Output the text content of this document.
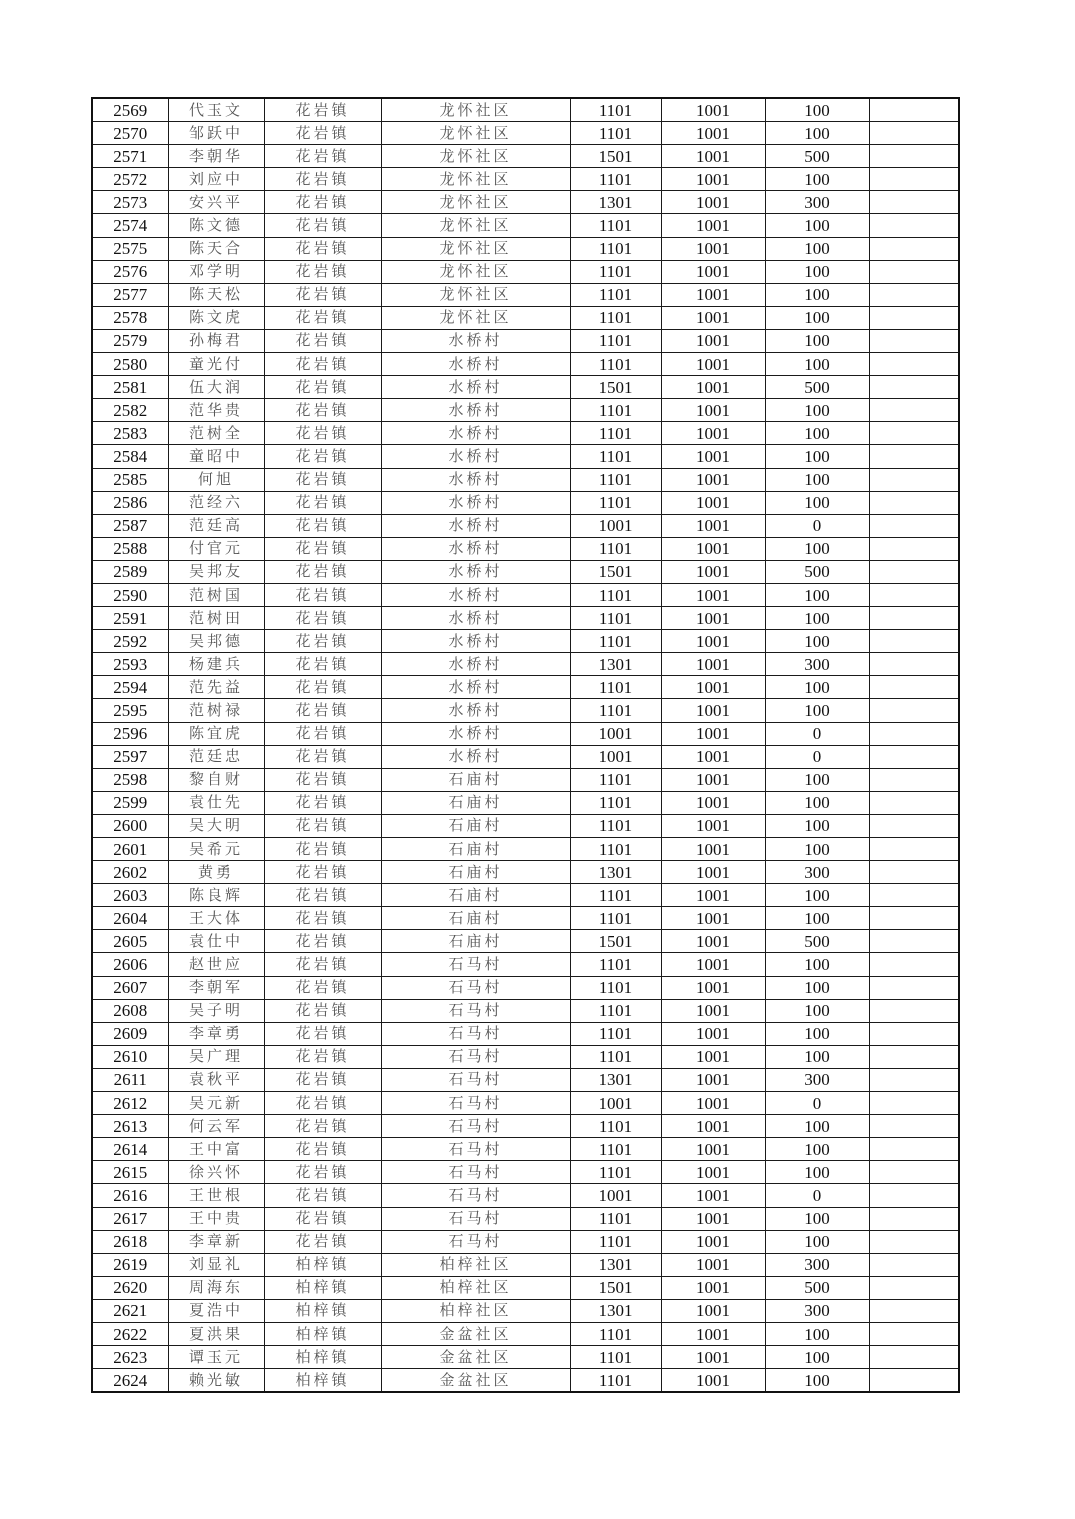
2569	代玉文	花岩镇	龙怀社区	1101	1001	100	
2570	邹跃中	花岩镇	龙怀社区	1101	1001	100	
2571	李朝华	花岩镇	龙怀社区	1501	1001	500	
2572	刘应中	花岩镇	龙怀社区	1101	1001	100	
2573	安兴平	花岩镇	龙怀社区	1301	1001	300	
2574	陈文德	花岩镇	龙怀社区	1101	1001	100	
2575	陈天合	花岩镇	龙怀社区	1101	1001	100	
2576	邓学明	花岩镇	龙怀社区	1101	1001	100	
2577	陈天松	花岩镇	龙怀社区	1101	1001	100	
2578	陈文虎	花岩镇	龙怀社区	1101	1001	100	
2579	孙梅君	花岩镇	水桥村	1101	1001	100	
2580	童光付	花岩镇	水桥村	1101	1001	100	
2581	伍大润	花岩镇	水桥村	1501	1001	500	
2582	范华贵	花岩镇	水桥村	1101	1001	100	
2583	范树全	花岩镇	水桥村	1101	1001	100	
2584	童昭中	花岩镇	水桥村	1101	1001	100	
2585	何旭	花岩镇	水桥村	1101	1001	100	
2586	范经六	花岩镇	水桥村	1101	1001	100	
2587	范廷高	花岩镇	水桥村	1001	1001	0	
2588	付官元	花岩镇	水桥村	1101	1001	100	
2589	吴邦友	花岩镇	水桥村	1501	1001	500	
2590	范树国	花岩镇	水桥村	1101	1001	100	
2591	范树田	花岩镇	水桥村	1101	1001	100	
2592	吴邦德	花岩镇	水桥村	1101	1001	100	
2593	杨建兵	花岩镇	水桥村	1301	1001	300	
2594	范先益	花岩镇	水桥村	1101	1001	100	
2595	范树禄	花岩镇	水桥村	1101	1001	100	
2596	陈宜虎	花岩镇	水桥村	1001	1001	0	
2597	范廷忠	花岩镇	水桥村	1001	1001	0	
2598	黎自财	花岩镇	石庙村	1101	1001	100	
2599	袁仕先	花岩镇	石庙村	1101	1001	100	
2600	吴大明	花岩镇	石庙村	1101	1001	100	
2601	吴希元	花岩镇	石庙村	1101	1001	100	
2602	黄勇	花岩镇	石庙村	1301	1001	300	
2603	陈良辉	花岩镇	石庙村	1101	1001	100	
2604	王大体	花岩镇	石庙村	1101	1001	100	
2605	袁仕中	花岩镇	石庙村	1501	1001	500	
2606	赵世应	花岩镇	石马村	1101	1001	100	
2607	李朝军	花岩镇	石马村	1101	1001	100	
2608	吴子明	花岩镇	石马村	1101	1001	100	
2609	李章勇	花岩镇	石马村	1101	1001	100	
2610	吴广理	花岩镇	石马村	1101	1001	100	
2611	袁秋平	花岩镇	石马村	1301	1001	300	
2612	吴元新	花岩镇	石马村	1001	1001	0	
2613	何云军	花岩镇	石马村	1101	1001	100	
2614	王中富	花岩镇	石马村	1101	1001	100	
2615	徐兴怀	花岩镇	石马村	1101	1001	100	
2616	王世根	花岩镇	石马村	1001	1001	0	
2617	王中贵	花岩镇	石马村	1101	1001	100	
2618	李章新	花岩镇	石马村	1101	1001	100	
2619	刘显礼	柏梓镇	柏梓社区	1301	1001	300	
2620	周海东	柏梓镇	柏梓社区	1501	1001	500	
2621	夏浩中	柏梓镇	柏梓社区	1301	1001	300	
2622	夏洪果	柏梓镇	金盆社区	1101	1001	100	
2623	谭玉元	柏梓镇	金盆社区	1101	1001	100	
2624	赖光敏	柏梓镇	金盆社区	1101	1001	100	
